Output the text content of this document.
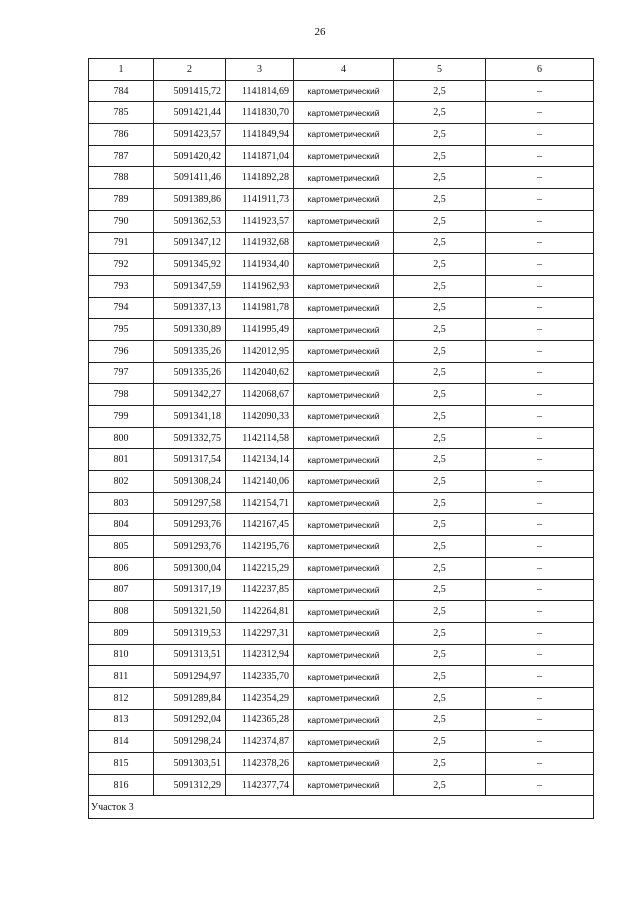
26
1	2	3	4	5	6
784	5091415,72	1141814,69	картометрический	2,5	–
785	5091421,44	1141830,70	картометрический	2,5	–
786	5091423,57	1141849,94	картометрический	2,5	–
787	5091420,42	1141871,04	картометрический	2,5	–
788	5091411,46	1141892,28	картометрический	2,5	–
789	5091389,86	1141911,73	картометрический	2,5	–
790	5091362,53	1141923,57	картометрический	2,5	–
791	5091347,12	1141932,68	картометрический	2,5	–
792	5091345,92	1141934,40	картометрический	2,5	–
793	5091347,59	1141962,93	картометрический	2,5	–
794	5091337,13	1141981,78	картометрический	2,5	–
795	5091330,89	1141995,49	картометрический	2,5	–
796	5091335,26	1142012,95	картометрический	2,5	–
797	5091335,26	1142040,62	картометрический	2,5	–
798	5091342,27	1142068,67	картометрический	2,5	–
799	5091341,18	1142090,33	картометрический	2,5	–
800	5091332,75	1142114,58	картометрический	2,5	–
801	5091317,54	1142134,14	картометрический	2,5	–
802	5091308,24	1142140,06	картометрический	2,5	–
803	5091297,58	1142154,71	картометрический	2,5	–
804	5091293,76	1142167,45	картометрический	2,5	–
805	5091293,76	1142195,76	картометрический	2,5	–
806	5091300,04	1142215,29	картометрический	2,5	–
807	5091317,19	1142237,85	картометрический	2,5	–
808	5091321,50	1142264,81	картометрический	2,5	–
809	5091319,53	1142297,31	картометрический	2,5	–
810	5091313,51	1142312,94	картометрический	2,5	–
811	5091294,97	1142335,70	картометрический	2,5	–
812	5091289,84	1142354,29	картометрический	2,5	–
813	5091292,04	1142365,28	картометрический	2,5	–
814	5091298,24	1142374,87	картометрический	2,5	–
815	5091303,51	1142378,26	картометрический	2,5	–
816	5091312,29	1142377,74	картометрический	2,5	–
Участок 3					
